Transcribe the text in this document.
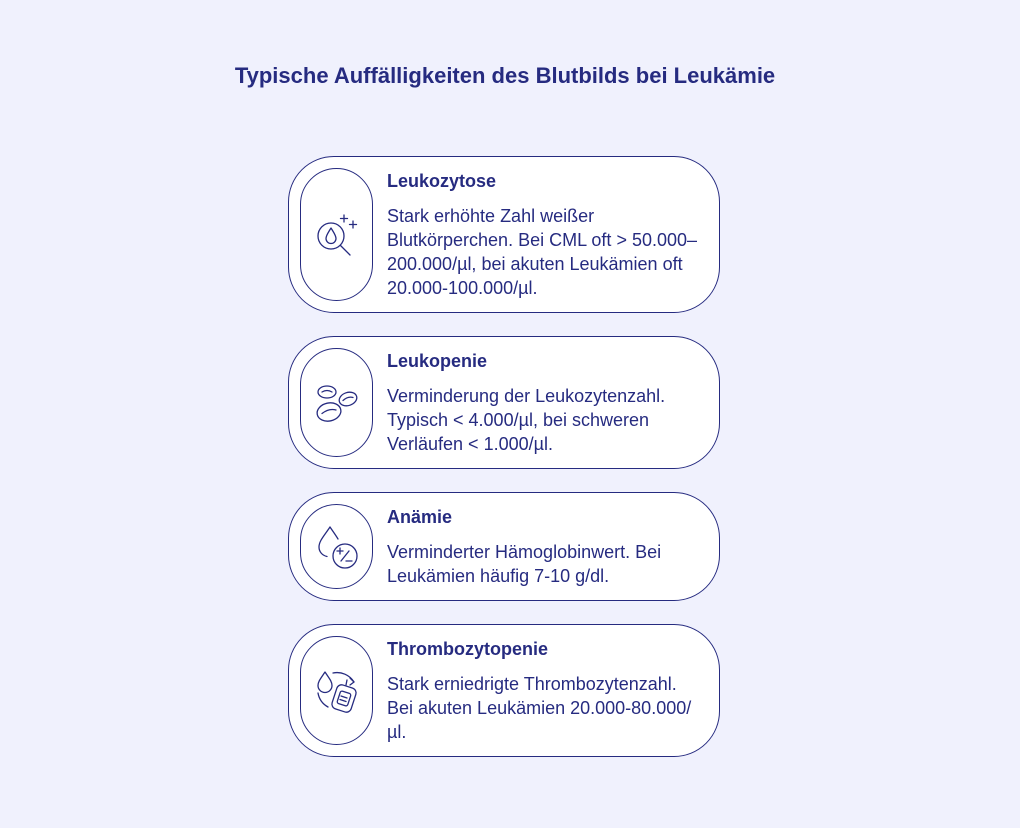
Typische Auffälligkeiten des Blutbilds bei Leukämie
Leukozytose
Stark erhöhte Zahl weißer Blutkörperchen. Bei CML oft > 50.000–200.000/µl, bei akuten Leukämien oft 20.000-100.000/µl.
Leukopenie
Verminderung der Leukozytenzahl. Typisch < 4.000/µl, bei schweren Verläufen < 1.000/µl.
Anämie
Verminderter Hämoglobinwert. Bei Leukämien häufig 7-10 g/dl.
Thrombozytopenie
Stark erniedrigte Thrombozytenzahl. Bei akuten Leukämien 20.000-80.000/µl.
